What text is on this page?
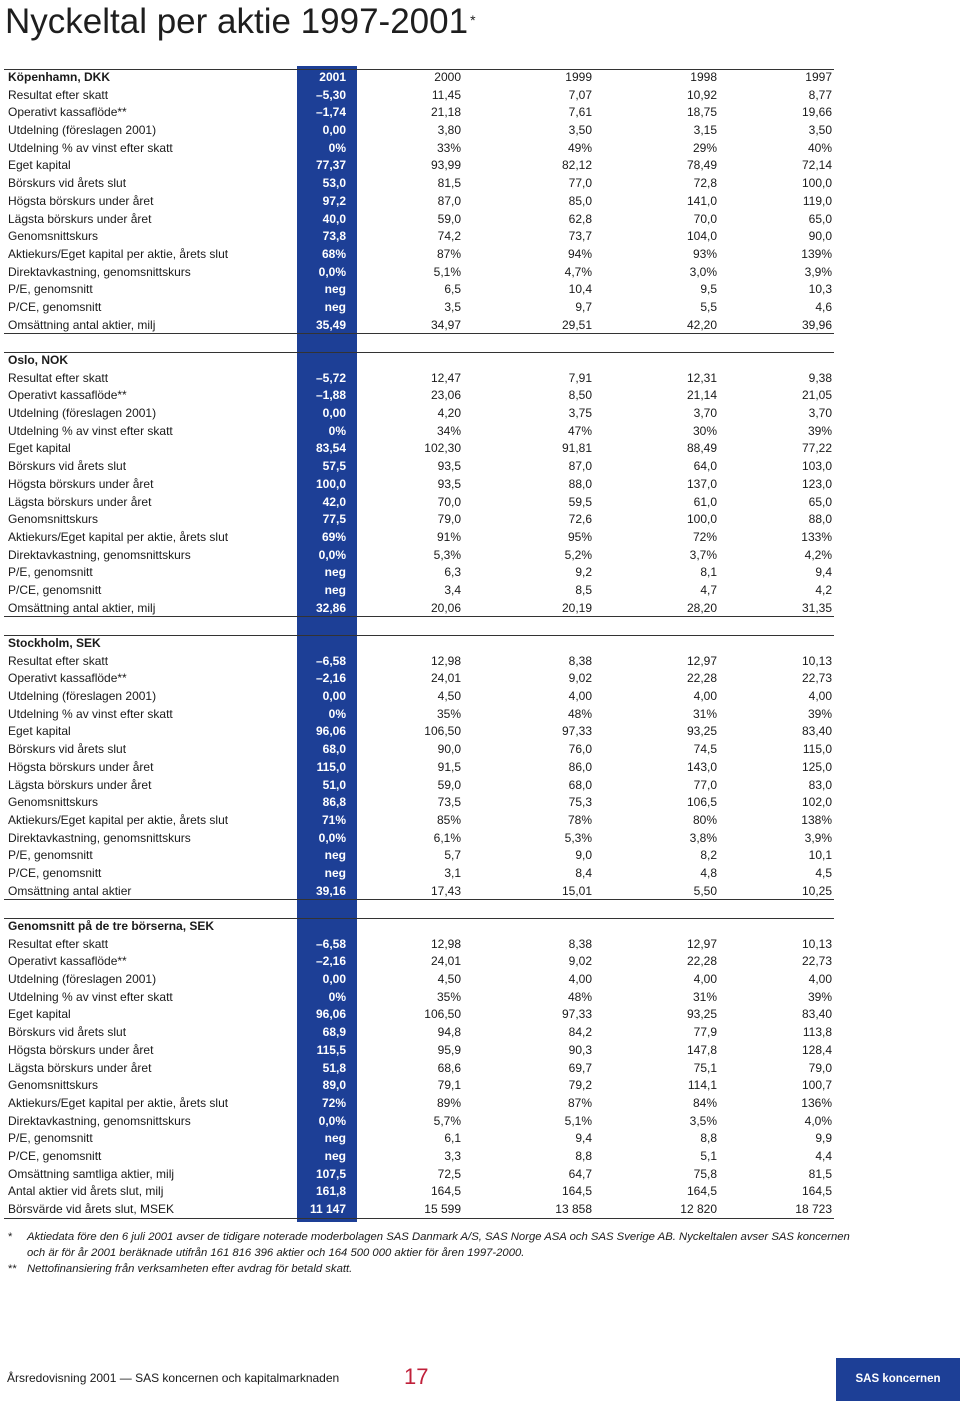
Nyckeltal per aktie 1997-2001 *
Köpenhamn, DKK	2001	2000	1999	1998	1997
Resultat efter skatt	–5,30	11,45	7,07	10,92	8,77
Operativt kassaflöde**	–1,74	21,18	7,61	18,75	19,66
Utdelning (föreslagen 2001)	0,00	3,80	3,50	3,15	3,50
Utdelning % av vinst efter skatt	0%	33%	49%	29%	40%
Eget kapital	77,37	93,99	82,12	78,49	72,14
Börskurs vid årets slut	53,0	81,5	77,0	72,8	100,0
Högsta börskurs under året	97,2	87,0	85,0	141,0	119,0
Lägsta börskurs under året	40,0	59,0	62,8	70,0	65,0
Genomsnittskurs	73,8	74,2	73,7	104,0	90,0
Aktiekurs/Eget kapital per aktie, årets slut	68%	87%	94%	93%	139%
Direktavkastning, genomsnittskurs	0,0%	5,1%	4,7%	3,0%	3,9%
P/E, genomsnitt	neg	6,5	10,4	9,5	10,3
P/CE, genomsnitt	neg	3,5	9,7	5,5	4,6
Omsättning antal aktier, milj	35,49	34,97	29,51	42,20	39,96
Oslo, NOK
Resultat efter skatt	–5,72	12,47	7,91	12,31	9,38
Operativt kassaflöde**	–1,88	23,06	8,50	21,14	21,05
Utdelning (föreslagen 2001)	0,00	4,20	3,75	3,70	3,70
Utdelning % av vinst efter skatt	0%	34%	47%	30%	39%
Eget kapital	83,54	102,30	91,81	88,49	77,22
Börskurs vid årets slut	57,5	93,5	87,0	64,0	103,0
Högsta börskurs under året	100,0	93,5	88,0	137,0	123,0
Lägsta börskurs under året	42,0	70,0	59,5	61,0	65,0
Genomsnittskurs	77,5	79,0	72,6	100,0	88,0
Aktiekurs/Eget kapital per aktie, årets slut	69%	91%	95%	72%	133%
Direktavkastning, genomsnittskurs	0,0%	5,3%	5,2%	3,7%	4,2%
P/E, genomsnitt	neg	6,3	9,2	8,1	9,4
P/CE, genomsnitt	neg	3,4	8,5	4,7	4,2
Omsättning antal aktier, milj	32,86	20,06	20,19	28,20	31,35
Stockholm, SEK
Resultat efter skatt	–6,58	12,98	8,38	12,97	10,13
Operativt kassaflöde**	–2,16	24,01	9,02	22,28	22,73
Utdelning (föreslagen 2001)	0,00	4,50	4,00	4,00	4,00
Utdelning % av vinst efter skatt	0%	35%	48%	31%	39%
Eget kapital	96,06	106,50	97,33	93,25	83,40
Börskurs vid årets slut	68,0	90,0	76,0	74,5	115,0
Högsta börskurs under året	115,0	91,5	86,0	143,0	125,0
Lägsta börskurs under året	51,0	59,0	68,0	77,0	83,0
Genomsnittskurs	86,8	73,5	75,3	106,5	102,0
Aktiekurs/Eget kapital per aktie, årets slut	71%	85%	78%	80%	138%
Direktavkastning, genomsnittskurs	0,0%	6,1%	5,3%	3,8%	3,9%
P/E, genomsnitt	neg	5,7	9,0	8,2	10,1
P/CE, genomsnitt	neg	3,1	8,4	4,8	4,5
Omsättning antal aktier	39,16	17,43	15,01	5,50	10,25
Genomsnitt på de tre börserna, SEK
Resultat efter skatt	–6,58	12,98	8,38	12,97	10,13
Operativt kassaflöde**	–2,16	24,01	9,02	22,28	22,73
Utdelning (föreslagen 2001)	0,00	4,50	4,00	4,00	4,00
Utdelning % av vinst efter skatt	0%	35%	48%	31%	39%
Eget kapital	96,06	106,50	97,33	93,25	83,40
Börskurs vid årets slut	68,9	94,8	84,2	77,9	113,8
Högsta börskurs under året	115,5	95,9	90,3	147,8	128,4
Lägsta börskurs under året	51,8	68,6	69,7	75,1	79,0
Genomsnittskurs	89,0	79,1	79,2	114,1	100,7
Aktiekurs/Eget kapital per aktie, årets slut	72%	89%	87%	84%	136%
Direktavkastning, genomsnittskurs	0,0%	5,7%	5,1%	3,5%	4,0%
P/E, genomsnitt	neg	6,1	9,4	8,8	9,9
P/CE, genomsnitt	neg	3,3	8,8	5,1	4,4
Omsättning samtliga aktier, milj	107,5	72,5	64,7	75,8	81,5
Antal aktier vid årets slut, milj	161,8	164,5	164,5	164,5	164,5
Börsvärde vid årets slut, MSEK	11 147	15 599	13 858	12 820	18 723
* Aktiedata före den 6 juli 2001 avser de tidigare noterade moderbolagen SAS Danmark A/S, SAS Norge ASA och SAS Sverige AB. Nyckeltalen avser SAS koncernen och är för år 2001 beräknade utifrån 161 816 396 aktier och 164 500 000 aktier för åren 1997-2000.
** Nettofinansiering från verksamheten efter avdrag för betald skatt.
Årsredovisning 2001 — SAS koncernen och kapitalmarknaden	17	SAS koncernen
